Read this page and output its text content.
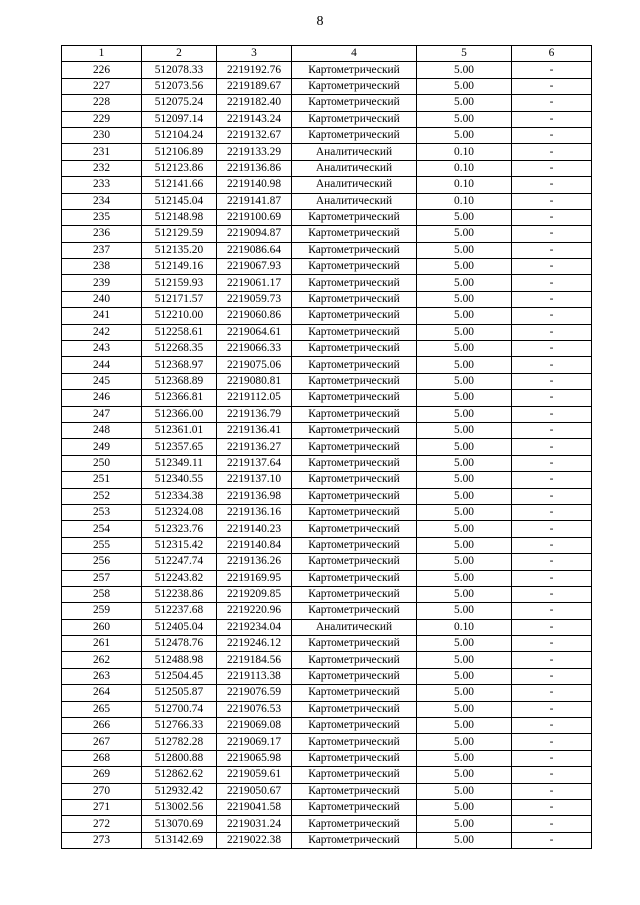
8
1	2	3	4	5	6
226	512078.33	2219192.76	Картометрический	5.00	-
227	512073.56	2219189.67	Картометрический	5.00	-
228	512075.24	2219182.40	Картометрический	5.00	-
229	512097.14	2219143.24	Картометрический	5.00	-
230	512104.24	2219132.67	Картометрический	5.00	-
231	512106.89	2219133.29	Аналитический	0.10	-
232	512123.86	2219136.86	Аналитический	0.10	-
233	512141.66	2219140.98	Аналитический	0.10	-
234	512145.04	2219141.87	Аналитический	0.10	-
235	512148.98	2219100.69	Картометрический	5.00	-
236	512129.59	2219094.87	Картометрический	5.00	-
237	512135.20	2219086.64	Картометрический	5.00	-
238	512149.16	2219067.93	Картометрический	5.00	-
239	512159.93	2219061.17	Картометрический	5.00	-
240	512171.57	2219059.73	Картометрический	5.00	-
241	512210.00	2219060.86	Картометрический	5.00	-
242	512258.61	2219064.61	Картометрический	5.00	-
243	512268.35	2219066.33	Картометрический	5.00	-
244	512368.97	2219075.06	Картометрический	5.00	-
245	512368.89	2219080.81	Картометрический	5.00	-
246	512366.81	2219112.05	Картометрический	5.00	-
247	512366.00	2219136.79	Картометрический	5.00	-
248	512361.01	2219136.41	Картометрический	5.00	-
249	512357.65	2219136.27	Картометрический	5.00	-
250	512349.11	2219137.64	Картометрический	5.00	-
251	512340.55	2219137.10	Картометрический	5.00	-
252	512334.38	2219136.98	Картометрический	5.00	-
253	512324.08	2219136.16	Картометрический	5.00	-
254	512323.76	2219140.23	Картометрический	5.00	-
255	512315.42	2219140.84	Картометрический	5.00	-
256	512247.74	2219136.26	Картометрический	5.00	-
257	512243.82	2219169.95	Картометрический	5.00	-
258	512238.86	2219209.85	Картометрический	5.00	-
259	512237.68	2219220.96	Картометрический	5.00	-
260	512405.04	2219234.04	Аналитический	0.10	-
261	512478.76	2219246.12	Картометрический	5.00	-
262	512488.98	2219184.56	Картометрический	5.00	-
263	512504.45	2219113.38	Картометрический	5.00	-
264	512505.87	2219076.59	Картометрический	5.00	-
265	512700.74	2219076.53	Картометрический	5.00	-
266	512766.33	2219069.08	Картометрический	5.00	-
267	512782.28	2219069.17	Картометрический	5.00	-
268	512800.88	2219065.98	Картометрический	5.00	-
269	512862.62	2219059.61	Картометрический	5.00	-
270	512932.42	2219050.67	Картометрический	5.00	-
271	513002.56	2219041.58	Картометрический	5.00	-
272	513070.69	2219031.24	Картометрический	5.00	-
273	513142.69	2219022.38	Картометрический	5.00	-
